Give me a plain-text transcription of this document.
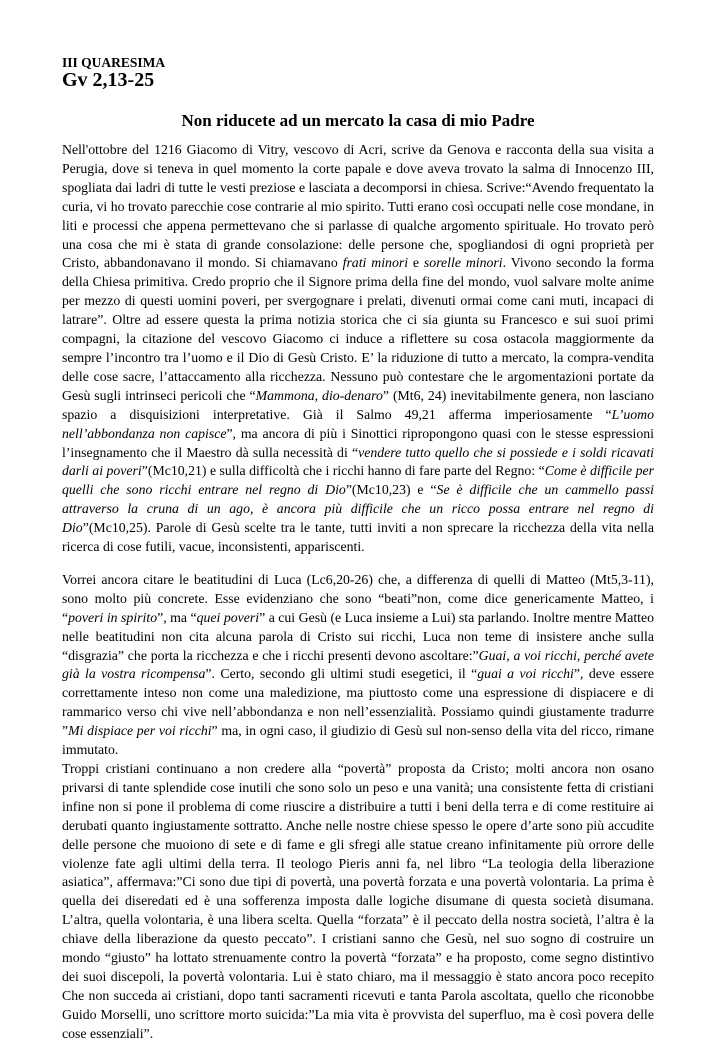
III QUARESIMA

Gv 2,13-25

Non riducete ad un mercato la casa di mio Padre

Nell'ottobre del 1216 Giacomo di Vitry, vescovo di Acri, scrive da Genova e racconta della sua visita a Perugia, dove si teneva in quel momento la corte papale e dove aveva trovato la salma di Innocenzo III, spogliata dai ladri di tutte le vesti preziose e lasciata a decomporsi in chiesa. Scrive:“Avendo frequentato la curia, vi ho trovato parecchie cose contrarie al mio spirito. Tutti erano così occupati nelle cose mondane, in liti e processi che appena permettevano che si parlasse di qualche argomento spirituale. Ho trovato però una cosa che mi è stata di grande consolazione: delle persone che, spogliandosi di ogni proprietà per Cristo, abbandonavano il mondo. Si chiamavano frati minori e sorelle minori. Vivono secondo la forma della Chiesa primitiva. Credo proprio che il Signore prima della fine del mondo, vuol salvare molte anime per mezzo di questi uomini poveri, per svergognare i prelati, divenuti ormai come cani muti, incapaci di latrare”. Oltre ad essere questa la prima notizia storica che ci sia giunta su Francesco e sui suoi primi compagni, la citazione del vescovo Giacomo ci induce a riflettere su cosa ostacola maggiormente da sempre l’incontro tra l’uomo e il Dio di Gesù Cristo. E’ la riduzione di tutto a mercato, la compra-vendita delle cose sacre, l’attaccamento alla ricchezza. Nessuno può contestare che le argomentazioni portate da Gesù sugli intrinseci pericoli che “Mammona, dio-denaro” (Mt6, 24) inevitabilmente genera, non lasciano spazio a disquisizioni interpretative. Già il Salmo 49,21 afferma imperiosamente “L’uomo nell’abbondanza non capisce”, ma ancora di più i Sinottici ripropongono quasi con le stesse espressioni l’insegnamento che il Maestro dà sulla necessità di “vendere tutto quello che si possiede e i soldi ricavati darli ai poveri”(Mc10,21) e sulla difficoltà che i ricchi hanno di fare parte del Regno: “Come è difficile per quelli che sono ricchi entrare nel regno di Dio”(Mc10,23) e “Se è difficile che un cammello passi attraverso la cruna di un ago, è ancora più difficile che un ricco possa entrare nel regno di Dio”(Mc10,25). Parole di Gesù scelte tra le tante, tutti inviti a non sprecare la ricchezza della vita nella ricerca di cose futili, vacue, inconsistenti, appariscenti.

Vorrei ancora citare le beatitudini di Luca (Lc6,20-26) che, a differenza di quelli di Matteo (Mt5,3-11), sono molto più concrete. Esse evidenziano che sono “beati”non, come dice genericamente Matteo, i “poveri in spirito”, ma “quei poveri” a cui Gesù (e Luca insieme a Lui) sta parlando. Inoltre mentre Matteo nelle beatitudini non cita alcuna parola di Cristo sui ricchi, Luca non teme di insistere anche sulla “disgrazia” che porta la ricchezza e che i ricchi presenti devono ascoltare:”Guai, a voi ricchi, perché avete già la vostra ricompensa”. Certo, secondo gli ultimi studi esegetici, il “guai a voi ricchi”, deve essere correttamente inteso non come una maledizione, ma piuttosto come una espressione di dispiacere e di rammarico verso chi vive nell’abbondanza e non nell’essenzialità. Possiamo quindi giustamente tradurre ”Mi dispiace per voi ricchi” ma, in ogni caso, il giudizio di Gesù sul non-senso della vita del ricco, rimane immutato.

Troppi cristiani continuano a non credere alla “povertà” proposta da Cristo; molti ancora non osano privarsi di tante splendide cose inutili che sono solo un peso e una vanità; una consistente fetta di cristiani infine non si pone il problema di come riuscire a distribuire a tutti i beni della terra e di come restituire ai derubati quanto ingiustamente sottratto. Anche nelle nostre chiese spesso le opere d’arte sono più accudite delle persone che muoiono di sete e di fame e gli sfregi alle statue creano infinitamente più orrore delle violenze fate agli ultimi della terra. Il teologo Pieris anni fa, nel libro “La teologia della liberazione asiatica”, affermava:”Ci sono due tipi di povertà, una povertà forzata e una povertà volontaria. La prima è quella dei diseredati ed è una sofferenza imposta dalle logiche disumane di questa società disumana. L’altra, quella volontaria, è una libera scelta. Quella “forzata” è il peccato della nostra società, l’altra è la chiave della liberazione da questo peccato”. I cristiani sanno che Gesù, nel suo sogno di costruire un mondo “giusto” ha lottato strenuamente contro la povertà “forzata” e ha proposto, come segno distintivo dei suoi discepoli, la povertà volontaria. Lui è stato chiaro, ma il messaggio è stato ancora poco recepito Che non succeda ai cristiani, dopo tanti sacramenti ricevuti e tanta Parola ascoltata, quello che riconobbe Guido Morselli, uno scrittore morto suicida:”La mia vita è provvista del superfluo, ma è così povera delle cose essenziali”.
